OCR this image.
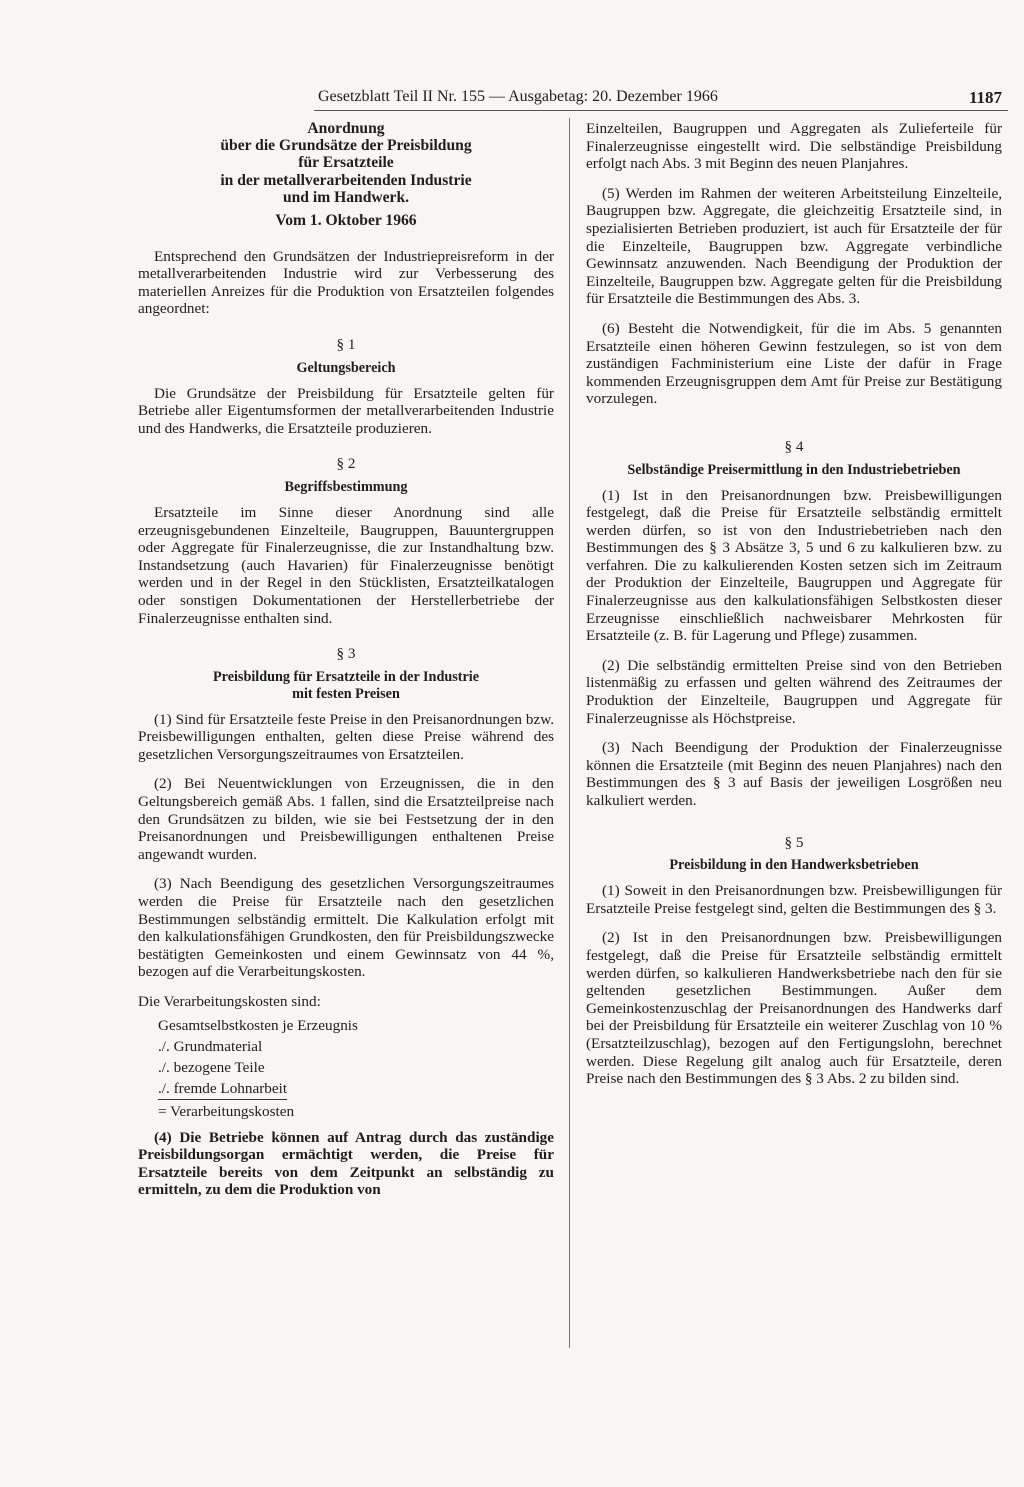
Gesetzblatt Teil II Nr. 155 — Ausgabetag: 20. Dezember 1966	1187
Anordnung
über die Grundsätze der Preisbildung
für Ersatzteile
in der metallverarbeitenden Industrie
und im Handwerk.
Vom 1. Oktober 1966

Entsprechend den Grundsätzen der Industriepreisreform in der metallverarbeitenden Industrie wird zur Verbesserung des materiellen Anreizes für die Produktion von Ersatzteilen folgendes angeordnet:

§ 1
Geltungsbereich

Die Grundsätze der Preisbildung für Ersatzteile gelten für Betriebe aller Eigentumsformen der metallverarbeitenden Industrie und des Handwerks, die Ersatzteile produzieren.

§ 2
Begriffsbestimmung

Ersatzteile im Sinne dieser Anordnung sind alle erzeugnisgebundenen Einzelteile, Baugruppen, Bauuntergruppen oder Aggregate für Finalerzeugnisse, die zur Instandhaltung bzw. Instandsetzung (auch Havarien) für Finalerzeugnisse benötigt werden und in der Regel in den Stücklisten, Ersatzteilkatalogen oder sonstigen Dokumentationen der Herstellerbetriebe der Finalerzeugnisse enthalten sind.

§ 3
Preisbildung für Ersatzteile in der Industrie
mit festen Preisen

(1) Sind für Ersatzteile feste Preise in den Preisanordnungen bzw. Preisbewilligungen enthalten, gelten diese Preise während des gesetzlichen Versorgungszeitraumes von Ersatzteilen.

(2) Bei Neuentwicklungen von Erzeugnissen, die in den Geltungsbereich gemäß Abs. 1 fallen, sind die Ersatzteilpreise nach den Grundsätzen zu bilden, wie sie bei Festsetzung der in den Preisanordnungen und Preisbewilligungen enthaltenen Preise angewandt wurden.

(3) Nach Beendigung des gesetzlichen Versorgungszeitraumes werden die Preise für Ersatzteile nach den gesetzlichen Bestimmungen selbständig ermittelt. Die Kalkulation erfolgt mit den kalkulationsfähigen Grundkosten, den für Preisbildungszwecke bestätigten Gemeinkosten und einem Gewinnsatz von 44 %, bezogen auf die Verarbeitungskosten.

Die Verarbeitungskosten sind:

Gesamtselbstkosten je Erzeugnis
./. Grundmaterial
./. bezogene Teile
./. fremde Lohnarbeit
= Verarbeitungskosten

(4) Die Betriebe können auf Antrag durch das zuständige Preisbildungsorgan ermächtigt werden, die Preise für Ersatzteile bereits von dem Zeitpunkt an selbständig zu ermitteln, zu dem die Produktion von

Einzelteilen, Baugruppen und Aggregaten als Zulieferteile für Finalerzeugnisse eingestellt wird. Die selbständige Preisbildung erfolgt nach Abs. 3 mit Beginn des neuen Planjahres.

(5) Werden im Rahmen der weiteren Arbeitsteilung Einzelteile, Baugruppen bzw. Aggregate, die gleichzeitig Ersatzteile sind, in spezialisierten Betrieben produziert, ist auch für Ersatzteile der für die Einzelteile, Baugruppen bzw. Aggregate verbindliche Gewinnsatz anzuwenden. Nach Beendigung der Produktion der Einzelteile, Baugruppen bzw. Aggregate gelten für die Preisbildung für Ersatzteile die Bestimmungen des Abs. 3.

(6) Besteht die Notwendigkeit, für die im Abs. 5 genannten Ersatzteile einen höheren Gewinn festzulegen, so ist von dem zuständigen Fachministerium eine Liste der dafür in Frage kommenden Erzeugnisgruppen dem Amt für Preise zur Bestätigung vorzulegen.

§ 4
Selbständige Preisermittlung in den Industriebetrieben

(1) Ist in den Preisanordnungen bzw. Preisbewilligungen festgelegt, daß die Preise für Ersatzteile selbständig ermittelt werden dürfen, so ist von den Industriebetrieben nach den Bestimmungen des § 3 Absätze 3, 5 und 6 zu kalkulieren bzw. zu verfahren. Die zu kalkulierenden Kosten setzen sich im Zeitraum der Produktion der Einzelteile, Baugruppen und Aggregate für Finalerzeugnisse aus den kalkulationsfähigen Selbstkosten dieser Erzeugnisse einschließlich nachweisbarer Mehrkosten für Ersatzteile (z. B. für Lagerung und Pflege) zusammen.

(2) Die selbständig ermittelten Preise sind von den Betrieben listenmäßig zu erfassen und gelten während des Zeitraumes der Produktion der Einzelteile, Baugruppen und Aggregate für Finalerzeugnisse als Höchstpreise.

(3) Nach Beendigung der Produktion der Finalerzeugnisse können die Ersatzteile (mit Beginn des neuen Planjahres) nach den Bestimmungen des § 3 auf Basis der jeweiligen Losgrößen neu kalkuliert werden.

§ 5
Preisbildung in den Handwerksbetrieben

(1) Soweit in den Preisanordnungen bzw. Preisbewilligungen für Ersatzteile Preise festgelegt sind, gelten die Bestimmungen des § 3.

(2) Ist in den Preisanordnungen bzw. Preisbewilligungen festgelegt, daß die Preise für Ersatzteile selbständig ermittelt werden dürfen, so kalkulieren Handwerksbetriebe nach den für sie geltenden gesetzlichen Bestimmungen. Außer dem Gemeinkostenzuschlag der Preisanordnungen des Handwerks darf bei der Preisbildung für Ersatzteile ein weiterer Zuschlag von 10 % (Ersatzteilzuschlag), bezogen auf den Fertigungslohn, berechnet werden. Diese Regelung gilt analog auch für Ersatzteile, deren Preise nach den Bestimmungen des § 3 Abs. 2 zu bilden sind.
